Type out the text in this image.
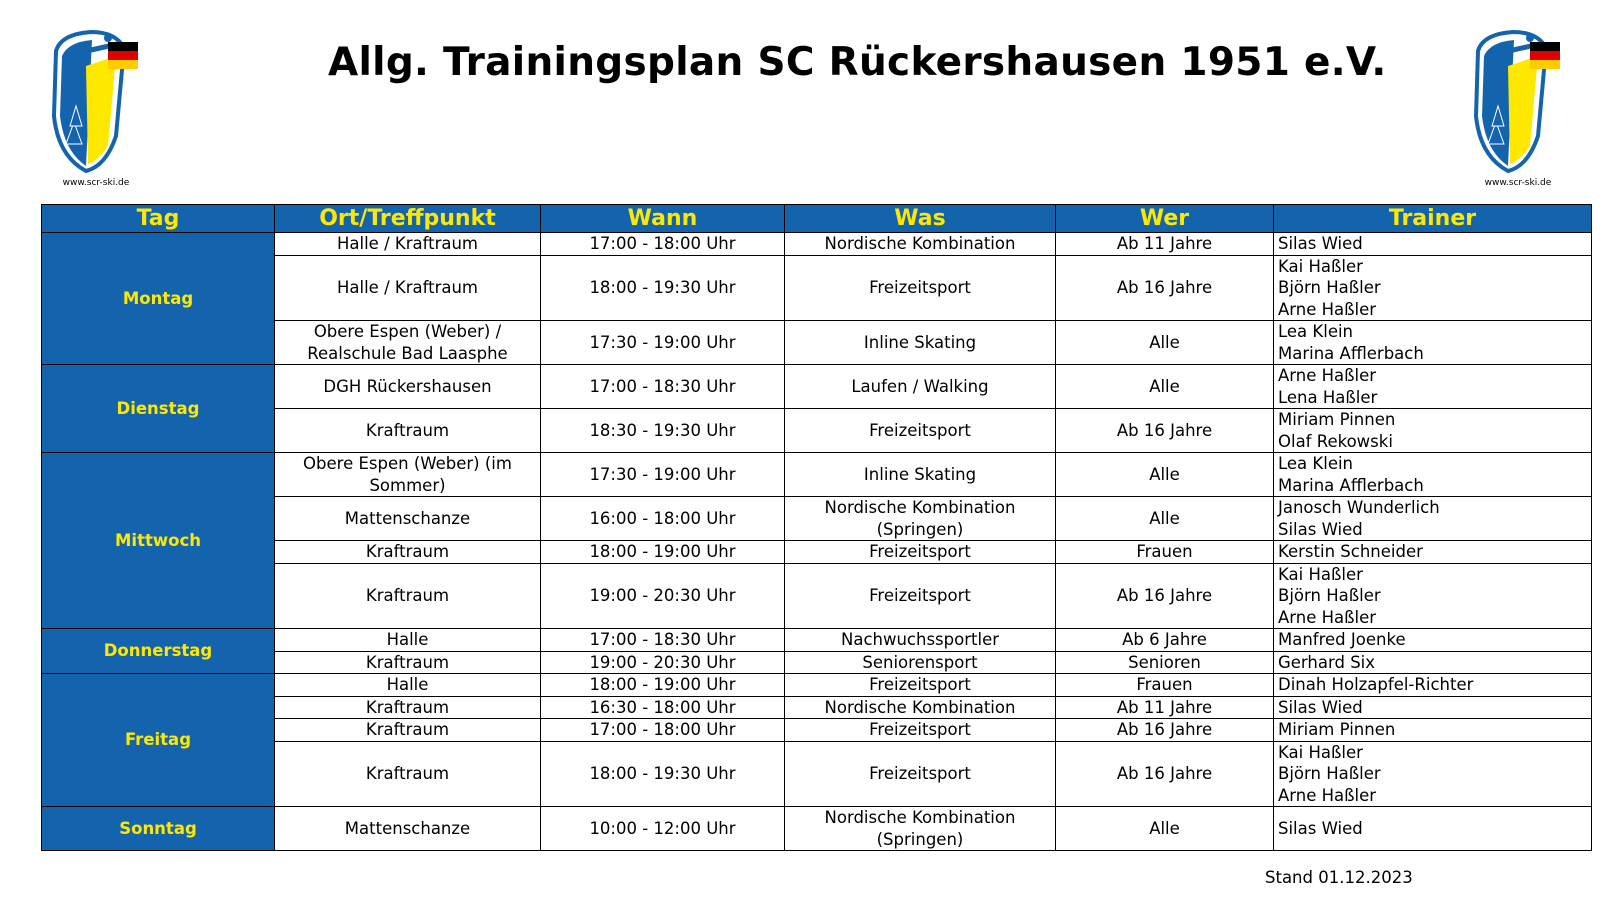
www.scr-ski.de	www.scr-ski.de
Allg. Trainingsplan SC Rückershausen 1951 e.V.
Tag	Ort/Treffpunkt	Wann	Was	Wer	Trainer
Montag	Halle / Kraftraum	17:00 - 18:00 Uhr	Nordische Kombination	Ab 11 Jahre	Silas Wied

	Halle / Kraftraum	18:00 - 19:30 Uhr	Freizeitsport	Ab 16 Jahre	Kai Haßler
Björn Haßler
Arne Haßler

	Obere Espen (Weber) / Realschule Bad Laasphe	17:30 - 19:00 Uhr	Inline Skating	Alle	Lea Klein
Marina Afflerbach

Dienstag	DGH Rückershausen	17:00 - 18:30 Uhr	Laufen / Walking	Alle	Arne Haßler
Lena Haßler

	Kraftraum	18:30 - 19:30 Uhr	Freizeitsport	Ab 16 Jahre	Miriam Pinnen
Olaf Rekowski

Mittwoch	Obere Espen (Weber) (im Sommer)	17:30 - 19:00 Uhr	Inline Skating	Alle	Lea Klein
Marina Afflerbach

	Mattenschanze	16:00 - 18:00 Uhr	Nordische Kombination (Springen)	Alle	Janosch Wunderlich
Silas Wied

	Kraftraum	18:00 - 19:00 Uhr	Freizeitsport	Frauen	Kerstin Schneider

	Kraftraum	19:00 - 20:30 Uhr	Freizeitsport	Ab 16 Jahre	Kai Haßler
Björn Haßler
Arne Haßler

Donnerstag	Halle	17:00 - 18:30 Uhr	Nachwuchssportler	Ab 6 Jahre	Manfred Joenke

	Kraftraum	19:00 - 20:30 Uhr	Seniorensport	Senioren	Gerhard Six

Freitag	Halle	18:00 - 19:00 Uhr	Freizeitsport	Frauen	Dinah Holzapfel-Richter

	Kraftraum	16:30 - 18:00 Uhr	Nordische Kombination	Ab 11 Jahre	Silas Wied

	Kraftraum	17:00 - 18:00 Uhr	Freizeitsport	Ab 16 Jahre	Miriam Pinnen

	Kraftraum	18:00 - 19:30 Uhr	Freizeitsport	Ab 16 Jahre	Kai Haßler
Björn Haßler
Arne Haßler

Sonntag	Mattenschanze	10:00 - 12:00 Uhr	Nordische Kombination (Springen)	Alle	Silas Wied
Stand 01.12.2023
